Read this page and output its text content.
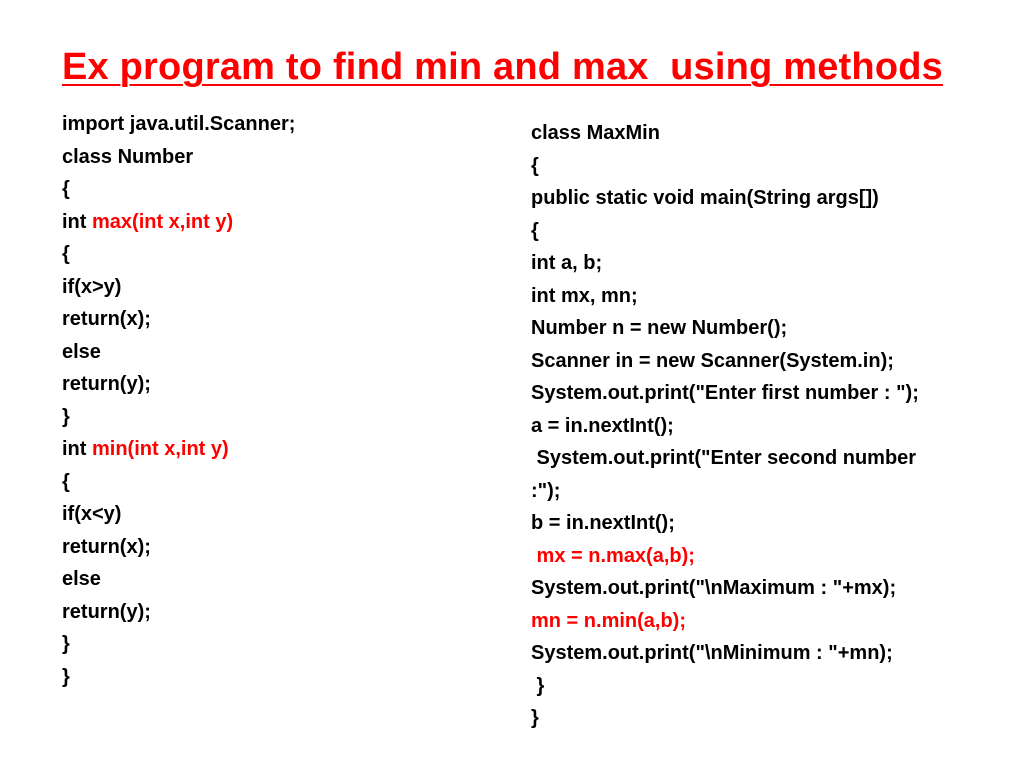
Ex program to find min and max  using methods
import java.util.Scanner;
class Number
{
int max(int x,int y)
{
if(x>y)
return(x);
else
return(y);
}
int min(int x,int y)
{
if(x<y)
return(x);
else
return(y);
}
}
class MaxMin
{
public static void main(String args[])
{
int a, b;
int mx, mn;
Number n = new Number();
Scanner in = new Scanner(System.in);
System.out.print("Enter first number : ");
a = in.nextInt();
System.out.print("Enter second number
:");
b = in.nextInt();
mx = n.max(a,b);
System.out.print("\nMaximum : "+mx);
mn = n.min(a,b);
System.out.print("\nMinimum : "+mn);
}
}
